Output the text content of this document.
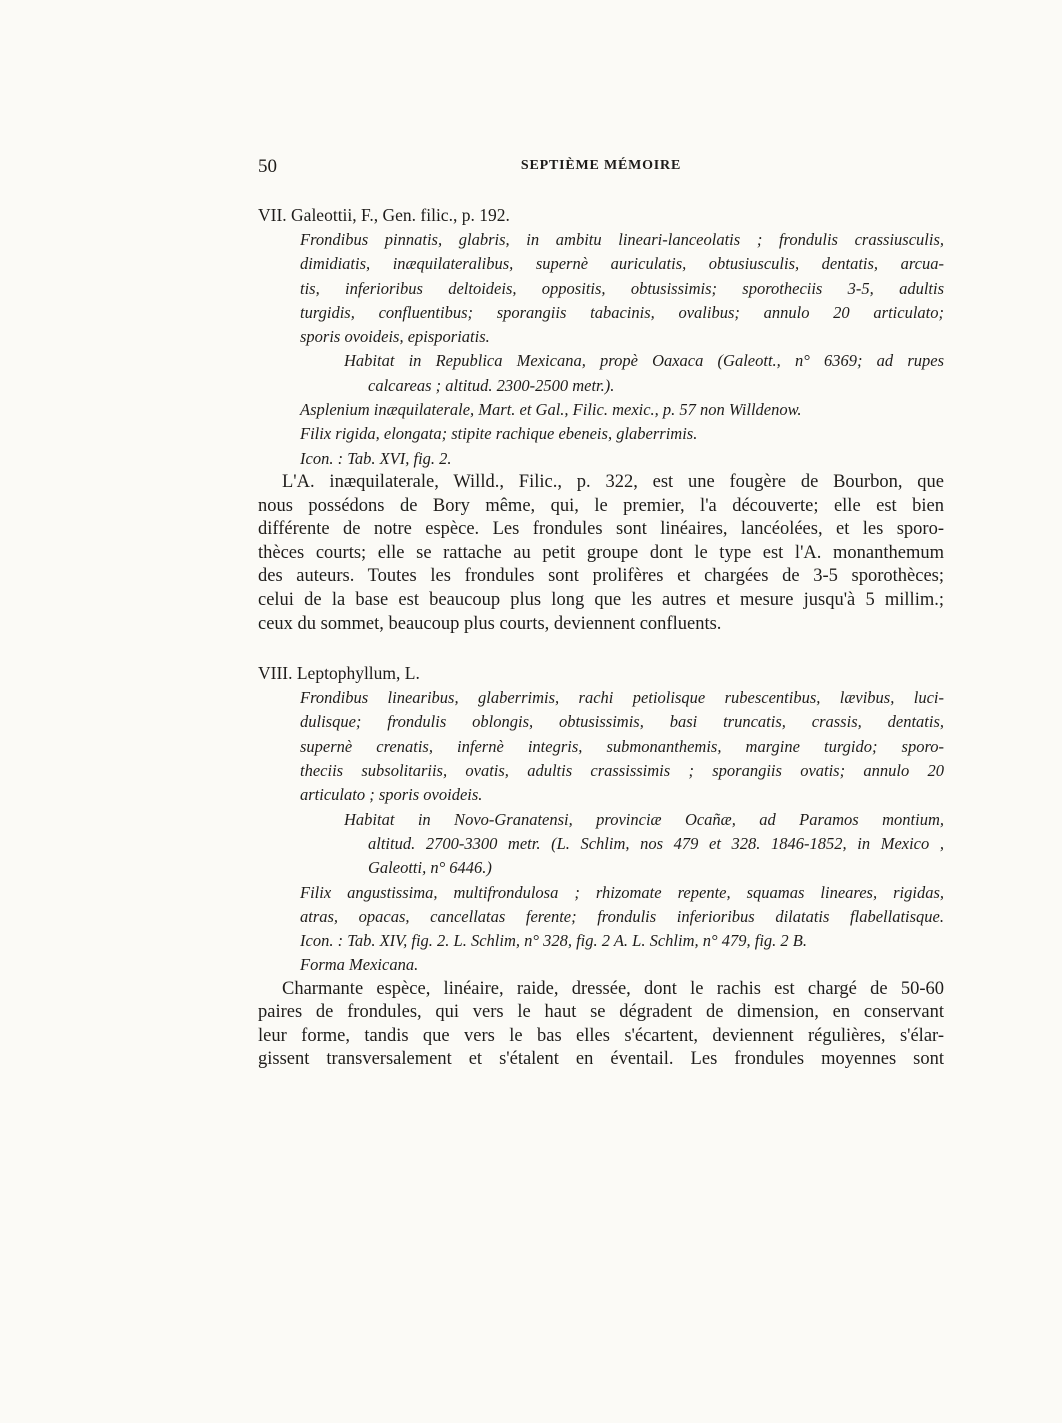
50	SEPTIÈME MÉMOIRE
VII. Galeottii, F., Gen. filic., p. 192.
Frondibus pinnatis, glabris, in ambitu lineari-lanceolatis ; frondulis crassiusculis,
dimidiatis, inæquilateralibus, supernè auriculatis, obtusiusculis, dentatis, arcua-
tis, inferioribus deltoideis, oppositis, obtusissimis; sporotheciis 3-5, adultis
turgidis, confluentibus; sporangiis tabacinis, ovalibus; annulo 20 articulato;
sporis ovoideis, episporiatis.
Habitat in Republica Mexicana, propè Oaxaca (Galeott., n° 6369; ad rupes
calcareas ; altitud. 2300-2500 metr.).
Asplenium inæquilaterale, Mart. et Gal., Filic. mexic., p. 57 non Willdenow.
Filix rigida, elongata; stipite rachique ebeneis, glaberrimis.
Icon. : Tab. XVI, fig. 2.
L'A. inæquilaterale, Willd., Filic., p. 322, est une fougère de Bourbon, que
nous possédons de Bory même, qui, le premier, l'a découverte; elle est bien
différente de notre espèce. Les frondules sont linéaires, lancéolées, et les sporo-
thèces courts; elle se rattache au petit groupe dont le type est l'A. monanthemum
des auteurs. Toutes les frondules sont prolifères et chargées de 3-5 sporothèces;
celui de la base est beaucoup plus long que les autres et mesure jusqu'à 5 millim.;
ceux du sommet, beaucoup plus courts, deviennent confluents.
VIII. Leptophyllum, L.
Frondibus linearibus, glaberrimis, rachi petiolisque rubescentibus, lævibus, luci-
dulisque; frondulis oblongis, obtusissimis, basi truncatis, crassis, dentatis,
supernè crenatis, infernè integris, submonanthemis, margine turgido; sporo-
theciis subsolitariis, ovatis, adultis crassissimis ; sporangiis ovatis; annulo 20
articulato ; sporis ovoideis.
Habitat in Novo-Granatensi, provinciæ Ocañæ, ad Paramos montium,
altitud. 2700-3300 metr. (L. Schlim, nos 479 et 328. 1846-1852, in Mexico ,
Galeotti, n° 6446.)
Filix angustissima, multifrondulosa ; rhizomate repente, squamas lineares, rigidas,
atras, opacas, cancellatas ferente; frondulis inferioribus dilatatis flabellatisque.
Icon. : Tab. XIV, fig. 2. L. Schlim, n° 328, fig. 2 A. L. Schlim, n° 479, fig. 2 B.
Forma Mexicana.
Charmante espèce, linéaire, raide, dressée, dont le rachis est chargé de 50-60
paires de frondules, qui vers le haut se dégradent de dimension, en conservant
leur forme, tandis que vers le bas elles s'écartent, deviennent régulières, s'élar-
gissent transversalement et s'étalent en éventail. Les frondules moyennes sont
